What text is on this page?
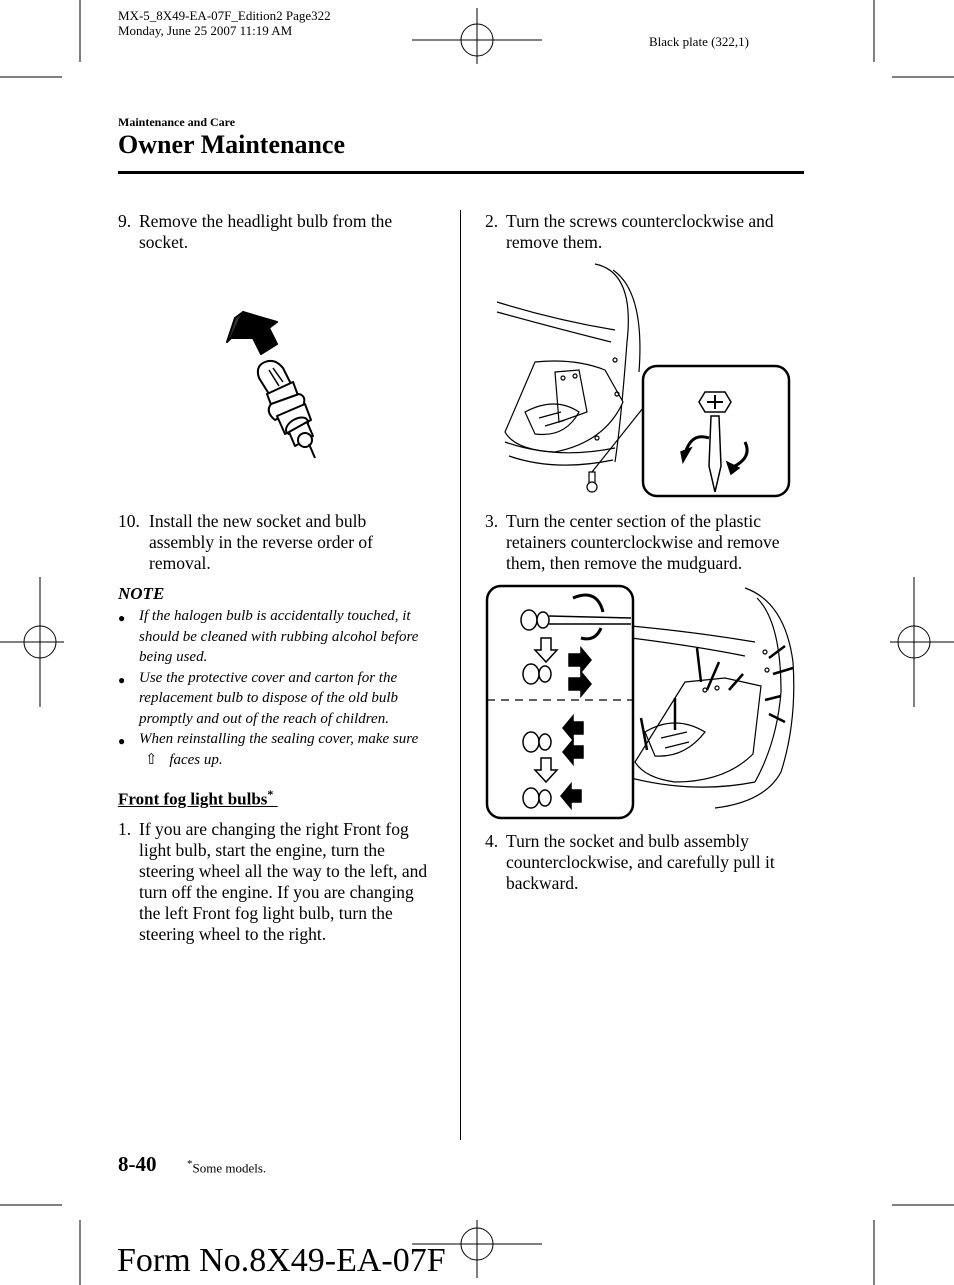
MX-5_8X49-EA-07F_Edition2 Page322
Monday, June 25 2007 11:19 AM
Black plate (322,1)
Maintenance and Care
Owner Maintenance
9. Remove the headlight bulb from the socket.
10. Install the new socket and bulb assembly in the reverse order of removal.
NOTE
● If the halogen bulb is accidentally touched, it should be cleaned with rubbing alcohol before being used.
● Use the protective cover and carton for the replacement bulb to dispose of the old bulb promptly and out of the reach of children.
● When reinstalling the sealing cover, make sure ⇧ faces up.
Front fog light bulbs*
1. If you are changing the right Front fog light bulb, start the engine, turn the steering wheel all the way to the left, and turn off the engine. If you are changing the left Front fog light bulb, turn the steering wheel to the right.
2. Turn the screws counterclockwise and remove them.
3. Turn the center section of the plastic retainers counterclockwise and remove them, then remove the mudguard.
4. Turn the socket and bulb assembly counterclockwise, and carefully pull it backward.
8-40	*Some models.
Form No.8X49-EA-07F
